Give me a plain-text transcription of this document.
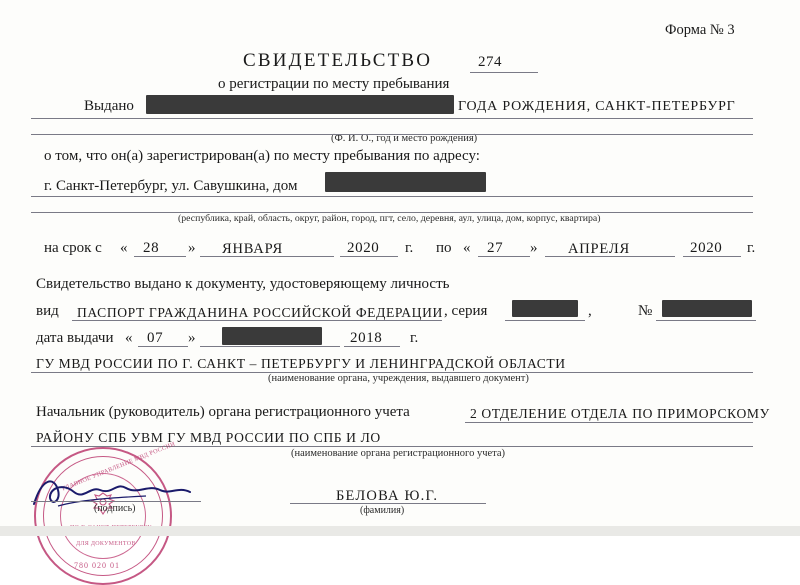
Форма № 3
СВИДЕТЕЛЬСТВО	274
о регистрации по месту пребывания
Выдано	ГОДА РОЖДЕНИЯ, САНКТ-ПЕТЕРБУРГ
(Ф. И. О., год и место рождения)
о том, что он(а) зарегистрирован(а) по месту пребывания по адресу:
г. Санкт-Петербург, ул. Савушкина, дом
(республика, край, область, округ, район, город, пгт, село, деревня, аул, улица, дом, корпус, квартира)
на срок с « 28 » ЯНВАРЯ	2020 г. по « 27 » АПРЕЛЯ	2020 г.
Свидетельство выдано к документу, удостоверяющему личность
вид ПАСПОРТ ГРАЖДАНИНА РОССИЙСКОЙ ФЕДЕРАЦИИ , серия	,	№
дата выдачи « 07 »	2018 г.
ГУ МВД РОССИИ ПО Г. САНКТ – ПЕТЕРБУРГУ И ЛЕНИНГРАДСКОЙ ОБЛАСТИ
(наименование органа, учреждения, выдавшего документ)
Начальник (руководитель) органа регистрационного учета	2 ОТДЕЛЕНИЕ ОТДЕЛА ПО ПРИМОРСКОМУ
РАЙОНУ СПБ УВМ ГУ МВД РОССИИ ПО СПБ И ЛО
(наименование органа регистрационного учета)
ГЛАВНОЕ УПРАВЛЕНИЕ МВД РОССИИ
ДЛЯ ДОКУМЕНТОВ
780 020 01
(подпись)
БЕЛОВА Ю.Г.
(фамилия)
